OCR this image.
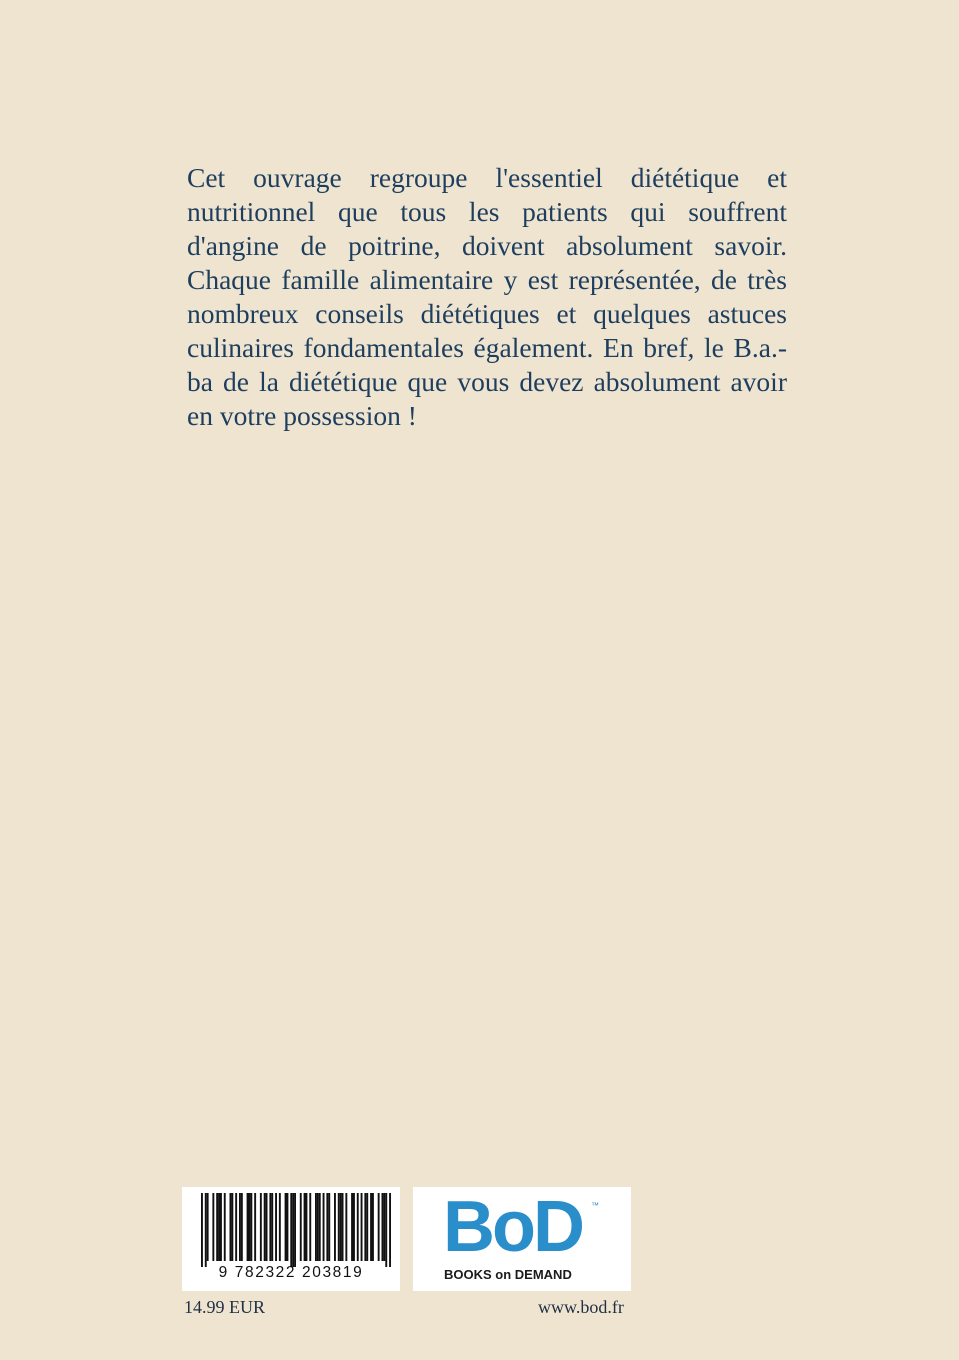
Cet ouvrage regroupe l'essentiel diététique et nutritionnel que tous les patients qui souffrent d'angine de poitrine, doivent absolument savoir. Chaque famille alimentaire y est représentée, de très nombreux conseils diététiques et quelques astuces culinaires fondamentales également. En bref, le B.a.-ba de la diététique que vous devez absolument avoir en votre possession !

9 782322 203819
BoD ™
BOOKS on DEMAND
14.99 EUR	www.bod.fr
